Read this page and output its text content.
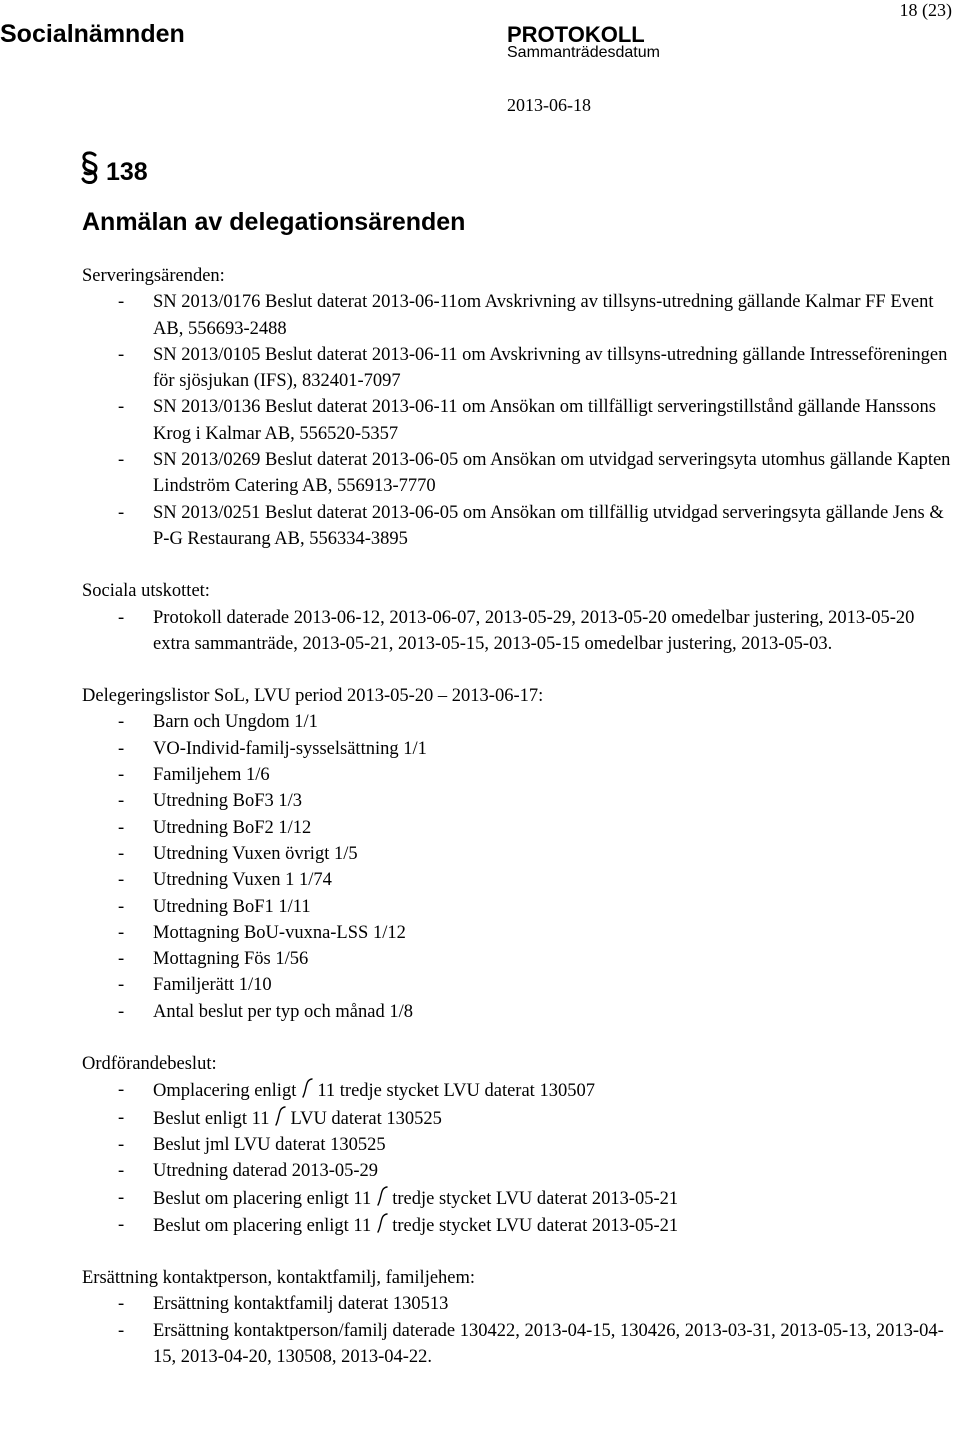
Socialnämnden	PROTOKOLL
18 (23)
Sammanträdesdatum
2013-06-18
138
Anmälan av delegationsärenden
Serveringsärenden:
- SN 2013/0176 Beslut daterat 2013-06-11om Avskrivning av tillsyns-utredning gällande Kalmar FF Event AB, 556693-2488
- SN 2013/0105 Beslut daterat 2013-06-11 om Avskrivning av tillsyns-utredning gällande Intresseföreningen för sjösjukan (IFS), 832401-7097
- SN 2013/0136 Beslut daterat 2013-06-11 om Ansökan om tillfälligt serveringstillstånd gällande Hanssons Krog i Kalmar AB, 556520-5357
- SN 2013/0269 Beslut daterat 2013-06-05 om Ansökan om utvidgad serveringsyta utomhus gällande Kapten Lindström Catering AB, 556913-7770
- SN 2013/0251 Beslut daterat 2013-06-05 om Ansökan om tillfällig utvidgad serveringsyta gällande Jens & P-G Restaurang AB, 556334-3895
Sociala utskottet:
- Protokoll daterade 2013-06-12, 2013-06-07, 2013-05-29, 2013-05-20 omedelbar justering, 2013-05-20 extra sammanträde, 2013-05-21, 2013-05-15, 2013-05-15 omedelbar justering, 2013-05-03.
Delegeringslistor SoL, LVU period 2013-05-20 – 2013-06-17:
- Barn och Ungdom 1/1
- VO-Individ-familj-sysselsättning 1/1
- Familjehem 1/6
- Utredning BoF3 1/3
- Utredning BoF2 1/12
- Utredning Vuxen övrigt 1/5
- Utredning Vuxen 1 1/74
- Utredning BoF1 1/11
- Mottagning BoU-vuxna-LSS 1/12
- Mottagning Fös 1/56
- Familjerätt 1/10
- Antal beslut per typ och månad 1/8
Ordförandebeslut:
- Omplacering enligt 11 tredje stycket LVU daterat 130507
- Beslut enligt 11 LVU daterat 130525
- Beslut jml LVU daterat 130525
- Utredning daterad 2013-05-29
- Beslut om placering enligt 11 tredje stycket LVU daterat 2013-05-21
- Beslut om placering enligt 11 tredje stycket LVU daterat 2013-05-21
Ersättning kontaktperson, kontaktfamilj, familjehem:
- Ersättning kontaktfamilj daterat 130513
- Ersättning kontaktperson/familj daterade 130422, 2013-04-15, 130426, 2013-03-31, 2013-05-13, 2013-04-15, 2013-04-20, 130508, 2013-04-22.
